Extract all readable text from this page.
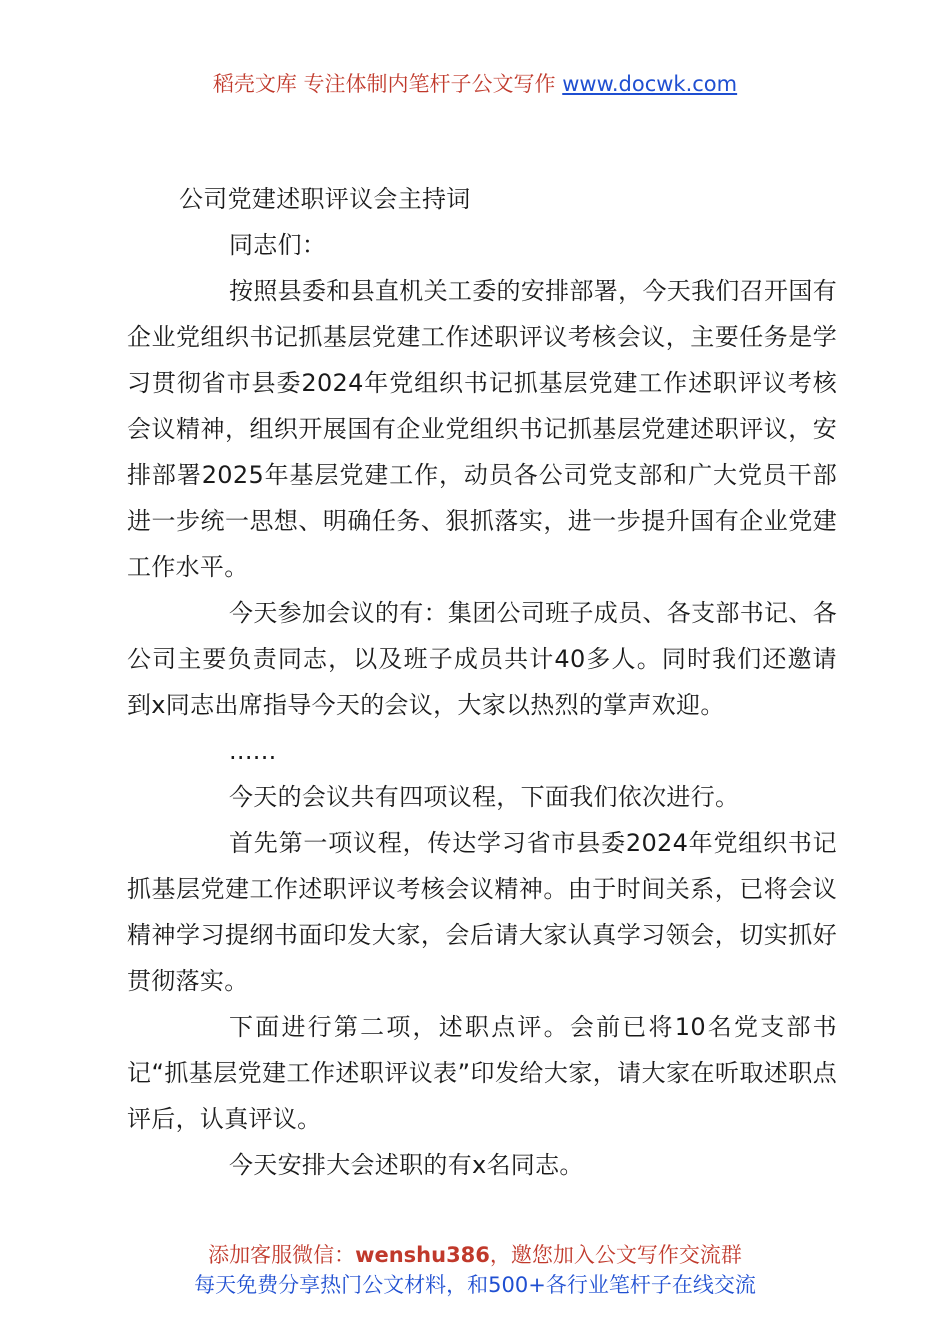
稻壳文库 专注体制内笔杆子公文写作 www.docwk.com
公司党建述职评议会主持词

同志们：

按照县委和县直机关工委的安排部署，今天我们召开国有企业党组织书记抓基层党建工作述职评议考核会议，主要任务是学习贯彻省市县委2024年党组织书记抓基层党建工作述职评议考核会议精神，组织开展国有企业党组织书记抓基层党建述职评议，安排部署2025年基层党建工作，动员各公司党支部和广大党员干部进一步统一思想、明确任务、狠抓落实，进一步提升国有企业党建工作水平。

今天参加会议的有：集团公司班子成员、各支部书记、各公司主要负责同志，以及班子成员共计40多人。同时我们还邀请到x同志出席指导今天的会议，大家以热烈的掌声欢迎。

......

今天的会议共有四项议程，下面我们依次进行。

首先第一项议程，传达学习省市县委2024年党组织书记抓基层党建工作述职评议考核会议精神。由于时间关系，已将会议精神学习提纲书面印发大家，会后请大家认真学习领会，切实抓好贯彻落实。

下面进行第二项，述职点评。会前已将10名党支部书记“抓基层党建工作述职评议表”印发给大家，请大家在听取述职点评后，认真评议。

今天安排大会述职的有x名同志。

添加客服微信：wenshu386，邀您加入公文写作交流群
每天免费分享热门公文材料，和500+各行业笔杆子在线交流
